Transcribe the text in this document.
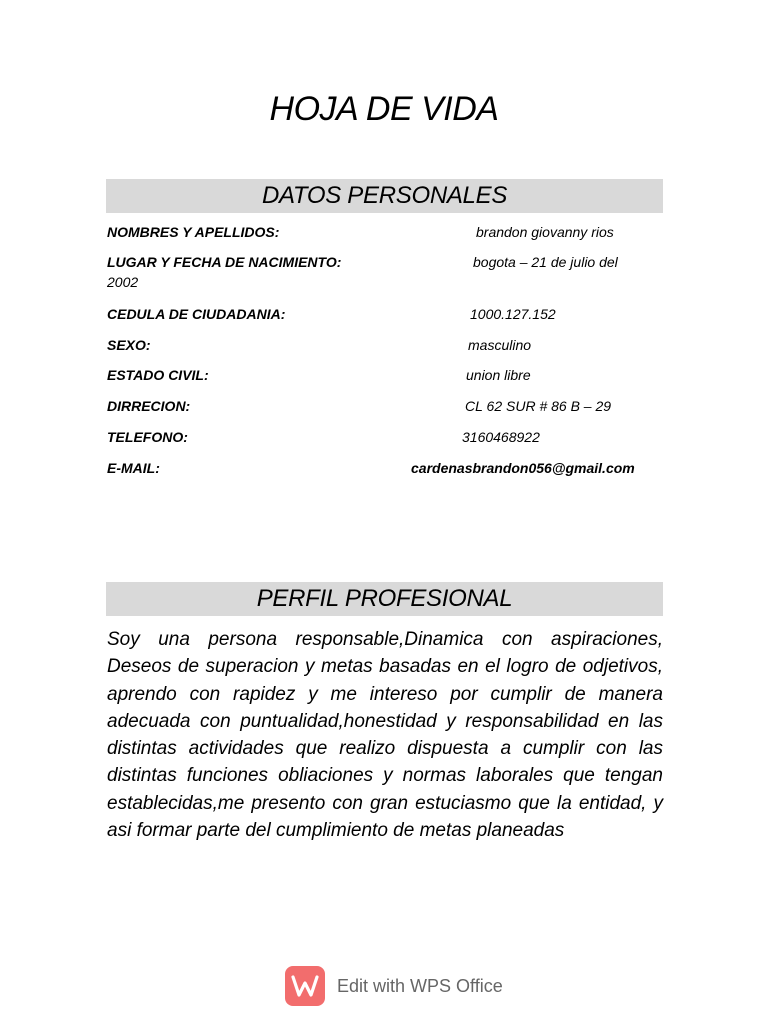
HOJA DE VIDA
DATOS PERSONALES
NOMBRES Y APELLIDOS:	brandon giovanny rios
LUGAR Y FECHA DE NACIMIENTO:	bogota – 21 de julio del
2002
CEDULA DE CIUDADANIA:	1000.127.152
SEXO:	masculino
ESTADO CIVIL:	union libre
DIRRECION:	CL 62 SUR # 86 B – 29
TELEFONO:	3160468922
E-MAIL:	cardenasbrandon056@gmail.com
PERFIL PROFESIONAL
Soy una persona responsable,Dinamica con aspiraciones, Deseos de superacion y metas basadas en el logro de odjetivos, aprendo con rapidez y me intereso por cumplir de manera adecuada con puntualidad,honestidad y responsabilidad en las distintas actividades que realizo dispuesta a cumplir con las distintas funciones obliaciones y normas laborales que tengan establecidas,me presento con gran estuciasmo que la entidad, y asi formar parte del cumplimiento de metas planeadas
Edit with WPS Office
